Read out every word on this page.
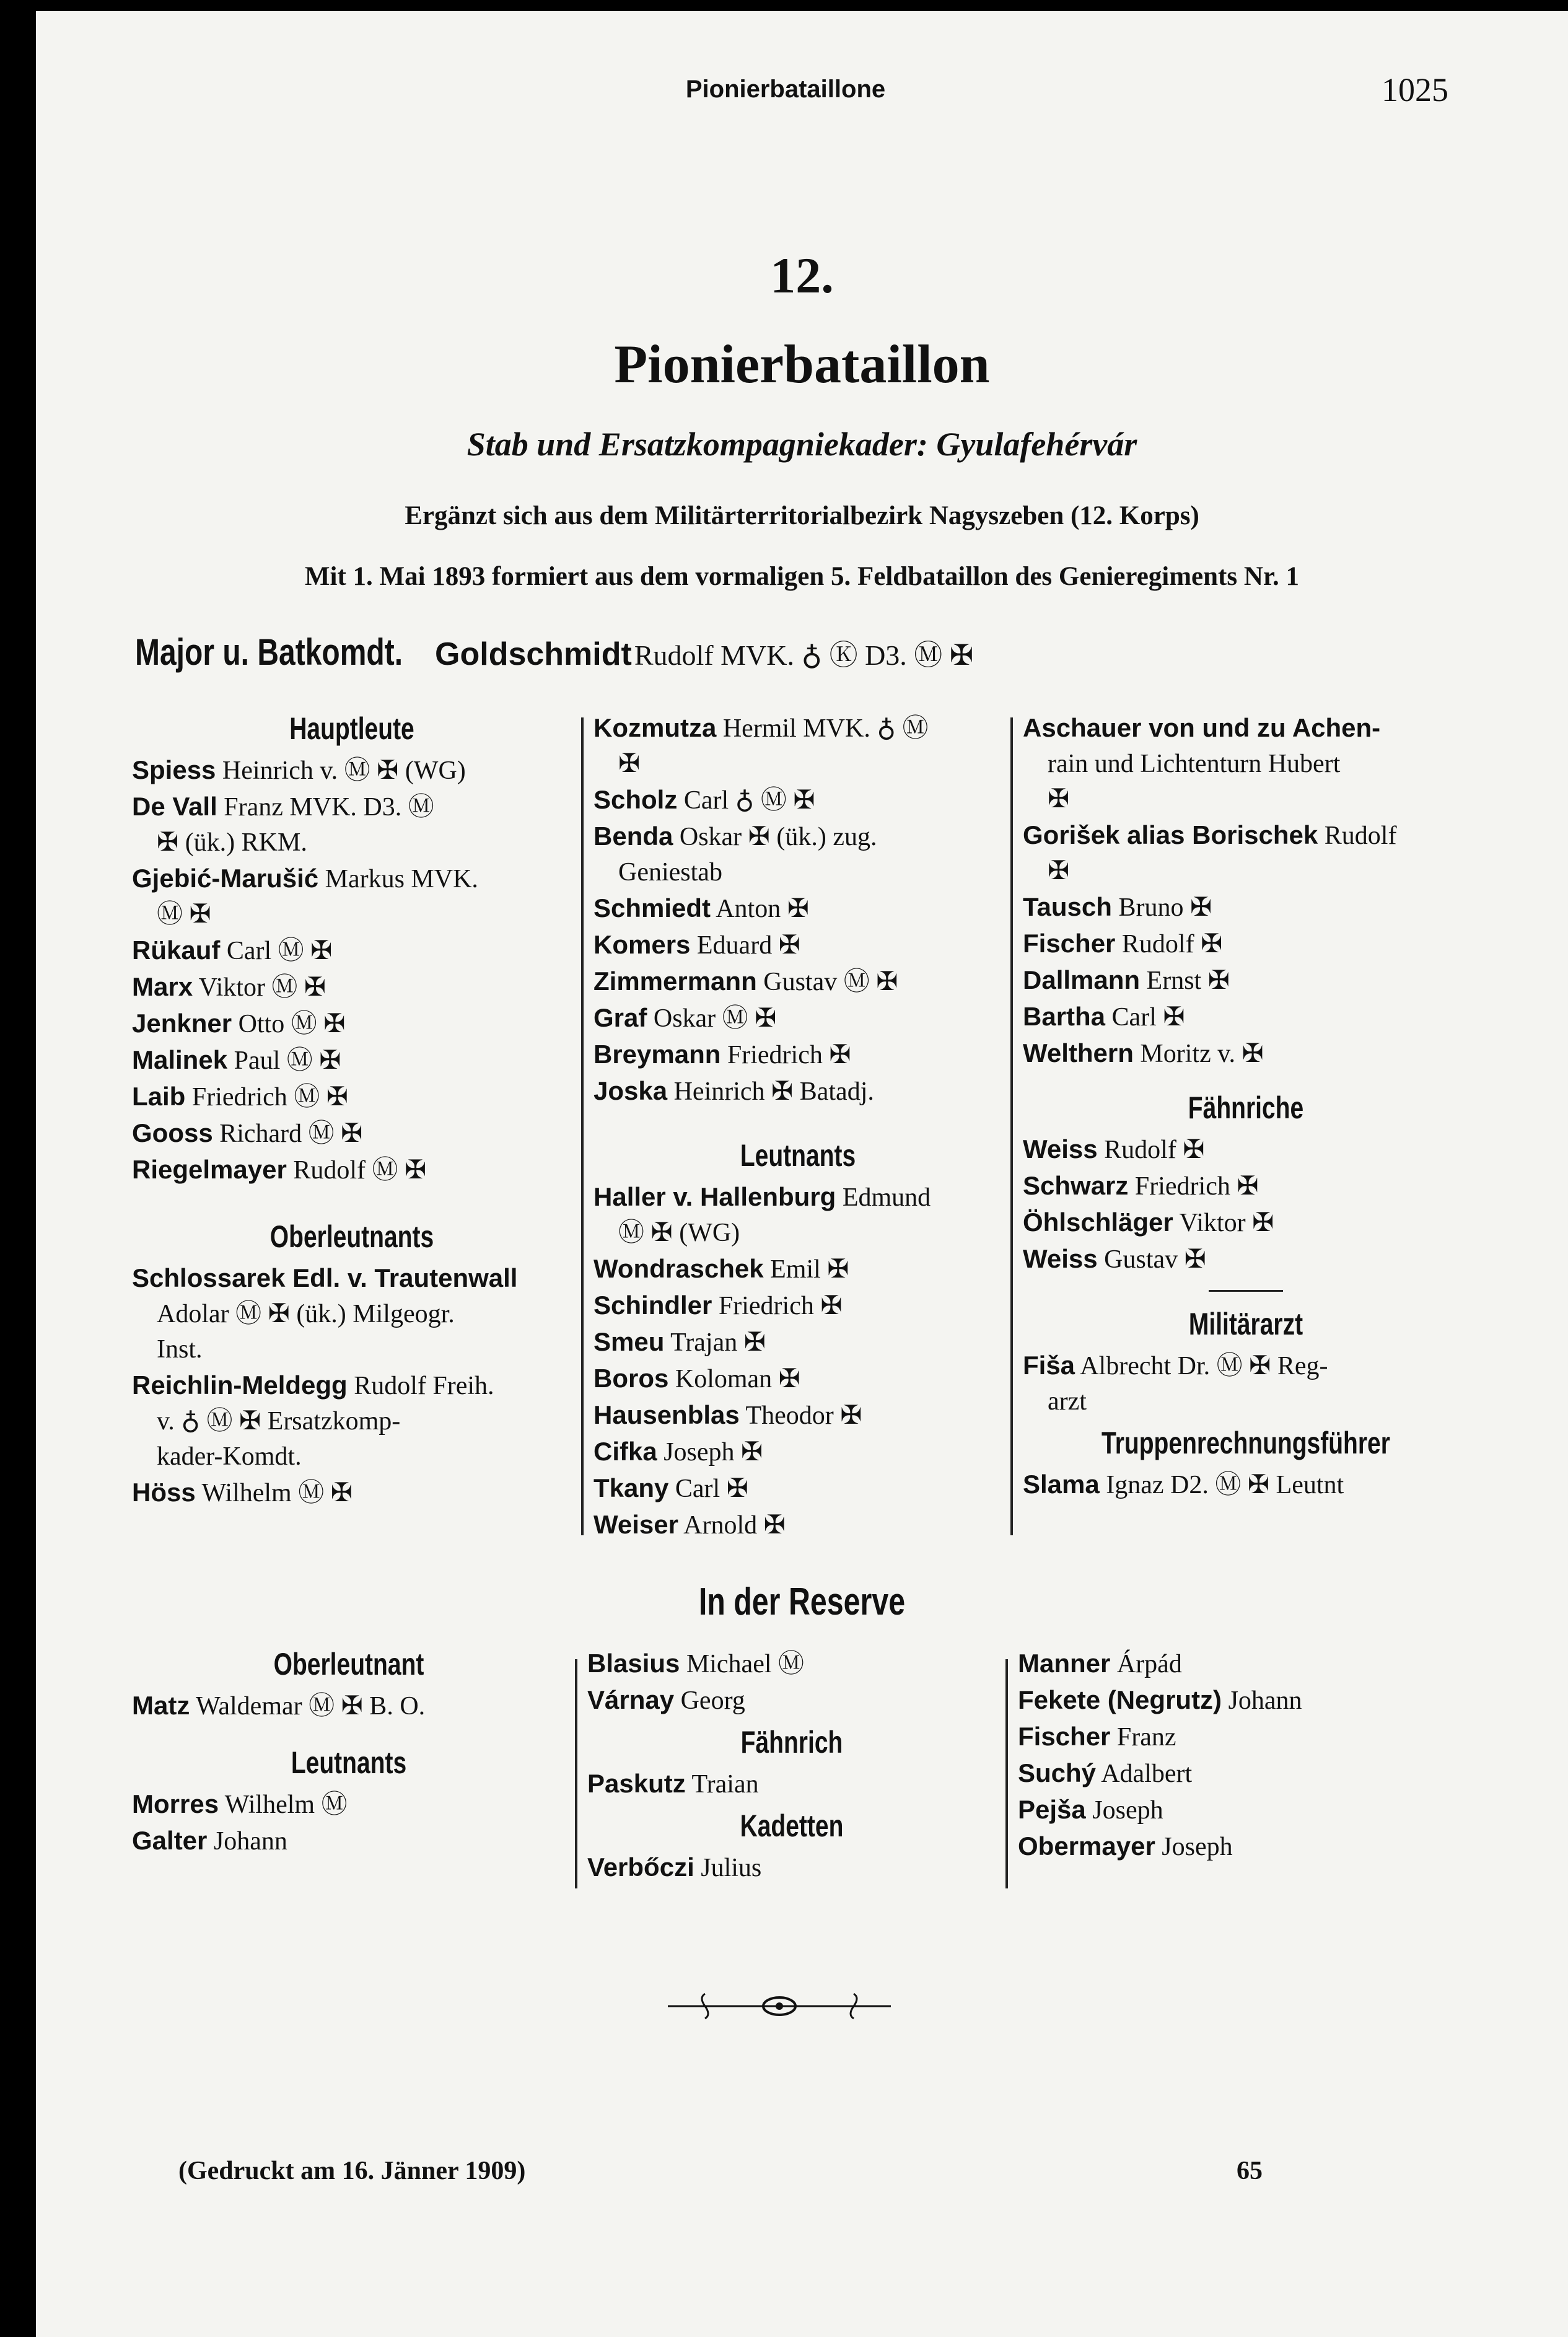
Pionierbataillone	1025
12.
Pionierbataillon
Stab und Ersatzkompagniekader: Gyulafehérvár
Ergänzt sich aus dem Militärterritorialbezirk Nagyszeben (12. Korps)
Mit 1. Mai 1893 formiert aus dem vormaligen 5. Feldbataillon des Genieregiments Nr. 1
Major u. Batkomdt. Goldschmidt Rudolf MVK. ♁ Ⓚ D3. Ⓜ ✠
Hauptleute
Spiess Heinrich v. Ⓜ ✠ (WG)
De Vall Franz MVK. D3. Ⓜ
✠ (ük.) RKM.
Gjebić-Marušić Markus MVK.
Ⓜ ✠
Rükauf Carl Ⓜ ✠
Marx Viktor Ⓜ ✠
Jenkner Otto Ⓜ ✠
Malinek Paul Ⓜ ✠
Laib Friedrich Ⓜ ✠
Gooss Richard Ⓜ ✠
Riegelmayer Rudolf Ⓜ ✠
Oberleutnants
Schlossarek Edl. v. Trautenwall
Adolar Ⓜ ✠ (ük.) Milgeogr.
Inst.
Reichlin-Meldegg Rudolf Freih.
v. ♁ Ⓜ ✠ Ersatzkomp-
kader-Komdt.
Höss Wilhelm Ⓜ ✠
Kozmutza Hermil MVK. ♁ Ⓜ
✠
Scholz Carl ♁ Ⓜ ✠
Benda Oskar ✠ (ük.) zug.
Geniestab
Schmiedt Anton ✠
Komers Eduard ✠
Zimmermann Gustav Ⓜ ✠
Graf Oskar Ⓜ ✠
Breymann Friedrich ✠
Joska Heinrich ✠ Batadj.
Leutnants
Haller v. Hallenburg Edmund
Ⓜ ✠ (WG)
Wondraschek Emil ✠
Schindler Friedrich ✠
Smeu Trajan ✠
Boros Koloman ✠
Hausenblas Theodor ✠
Cifka Joseph ✠
Tkany Carl ✠
Weiser Arnold ✠
Aschauer von und zu Achen-
rain und Lichtenturn Hubert
✠
Gorišek alias Borischek Rudolf
✠
Tausch Bruno ✠
Fischer Rudolf ✠
Dallmann Ernst ✠
Bartha Carl ✠
Welthern Moritz v. ✠
Fähnriche
Weiss Rudolf ✠
Schwarz Friedrich ✠
Öhlschläger Viktor ✠
Weiss Gustav ✠
Militärarzt
Fiša Albrecht Dr. Ⓜ ✠ Reg-
arzt
Truppenrechnungsführer
Slama Ignaz D2. Ⓜ ✠ Leutnt
In der Reserve
Oberleutnant
Matz Waldemar Ⓜ ✠ B. O.
Leutnants
Morres Wilhelm Ⓜ
Galter Johann
Blasius Michael Ⓜ
Várnay Georg
Fähnrich
Paskutz Traian
Kadetten
Verbőczi Julius
Manner Árpád
Fekete (Negrutz) Johann
Fischer Franz
Suchý Adalbert
Pejša Joseph
Obermayer Joseph
(Gedruckt am 16. Jänner 1909)	65
